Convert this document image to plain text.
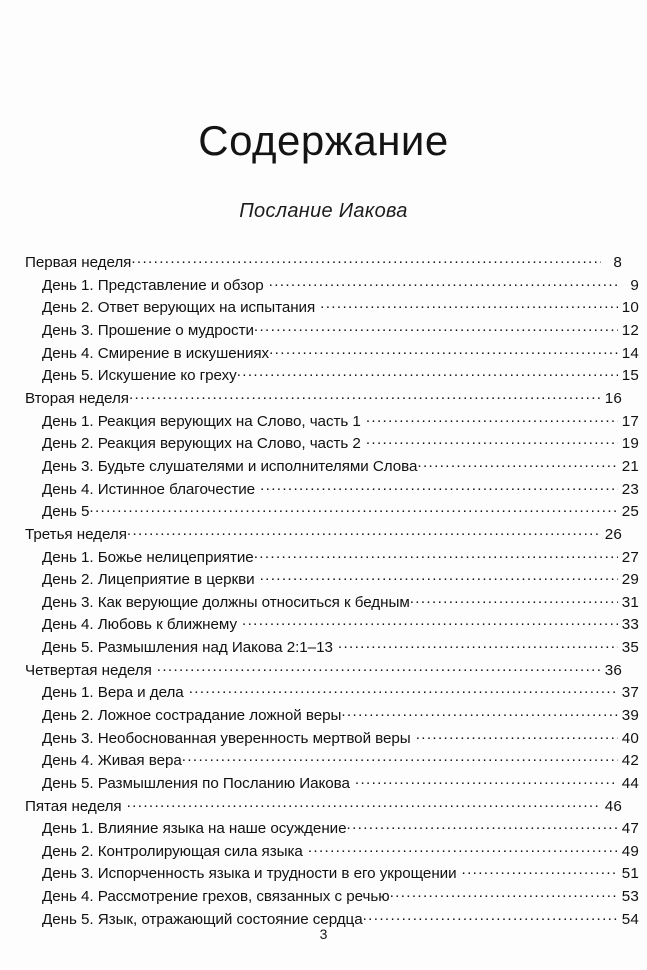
Содержание
Послание Иакова
Первая неделя .....	8
День 1. Представление и обзор .....	9
День 2. Ответ верующих на испытания .....	10
День 3. Прошение о мудрости .....	12
День 4. Смирение в искушениях .....	14
День 5. Искушение ко греху .....	15
Вторая неделя .....	16
День 1. Реакция верующих на Слово, часть 1 .....	17
День 2. Реакция верующих на Слово, часть 2 .....	19
День 3. Будьте слушателями и исполнителями Слова .....	21
День 4. Истинное благочестие .....	23
День 5 .....	25
Третья неделя .....	26
День 1. Божье нелицеприятие .....	27
День 2. Лицеприятие в церкви .....	29
День 3. Как верующие должны относиться к бедным .....	31
День 4. Любовь к ближнему .....	33
День 5. Размышления над Иакова 2:1–13 .....	35
Четвертая неделя .....	36
День 1. Вера и дела .....	37
День 2. Ложное сострадание ложной веры .....	39
День 3. Необоснованная уверенность мертвой веры .....	40
День 4. Живая вера .....	42
День 5. Размышления по Посланию Иакова .....	44
Пятая неделя .....	46
День 1. Влияние языка на наше осуждение .....	47
День 2. Контролирующая сила языка .....	49
День 3. Испорченность языка и трудности в его укрощении .....	51
День 4. Рассмотрение грехов, связанных с речью .....	53
День 5. Язык, отражающий состояние сердца .....	54
3
